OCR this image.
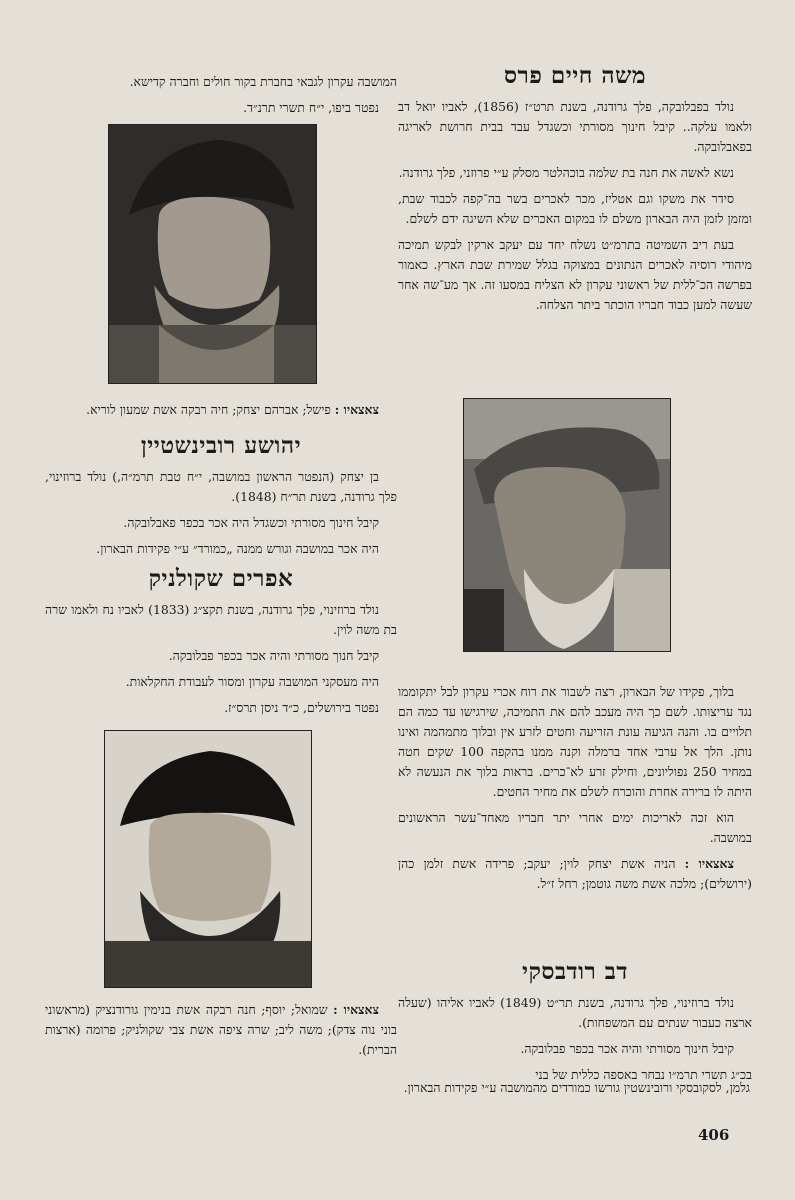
משה חיים פרס

נולד בפבלובקה, פלך גרודנה, בשנת תרט״ז (1856), לאביו יואל דב ולאמו עלקה.. קיבל חינוך מסורתי וכשגדל עבד בבית חרושת לאריגה בפאבלובקה.

נשא לאשה את חנה בת שלמה בוכהלטר מסלק ע״י פרוזני, פלך גרודנה.

סידר את משקו וגם אטליז, מכר לאכרים בשר בה־קפה לכבוד שבת, ומזמן לזמן היה הבארון משלם לו במקום האכרים שלא השיגה ידם לשלם.

בעת ריב השמיטה בתרמ״ט נשלח יחד עם יעקב ארקין לבקש תמיכה מיהודי רוסיה לאכרים הנתונים במצוקה בגלל שמירת שבת הארץ. כאמור בפרשה הכ־ללית של ראשוני עקרון לא הצליח במסעו זה. אך מע־שה אחר שעשה למען כבוד חבריו הוכתר ביתר הצלחה.

בלוך, פקידו של הבארון, רצה לשבור את רוח אכרי עקרון לבל יתקוממו נגד עריצותו. לשם כך היה מעכב להם את התמיכה, שירגישו עד כמה הם תלויים בו. והנה הגיעה עונת הזריעה וחטים לזרע אין ובלוך מתמהמה ואינו נותן. הלך אל ערבי אחד ברמלה וקנה ממנו בהקפה 100 שקים חטה במחיר 250 נפוליונים, וחילק זרע לא־כרים. בראות בלוך את הנעשה לא היתה לו ברירה אחרת והוכרח לשלם את מחיר החטים.

הוא זכה לאריכות ימים אחרי יתר חבריו מאחד־עשר הראשונים במושבה.

צאצאיו : הניה אשת יצחק לוין; יעקב; פרידה אשת זלמן כהן (ירושלים); מלכה אשת משה גוטמן; רחל ז״ל.

דב רודבסקי

נולד ברוזינוי, פלך גרודנה, בשנת תר״ט (1849) לאביו אליהו (שעלה ארצה כעבור שנתים עם המשפחות).

קיבל חינוך מסורתי והיה אכר בכפר פבלובקה.

בכ״ג תשרי תרמ״ו נבחר באספה כללית של בני

המושבה עקרון לגבאי בחברת בקור חולים וחברה קדישא.

נפטר ביפו, י״ח תשרי תרנ״ד.

צאצאיו : פישל; אברהם יצחק; חיה רבקה אשת שמעון לוריא.

יהושע רובינשטיין

בן יצחק (הנפטר הראשון במושבה, י״ח טבת תרמ״ה,) נולד ברוזינוי, פלך גרודנה, בשנת תר״ח (1848).

קיבל חינוך מסורתי וכשגדל היה אכר בכפר פאבלובקה.

היה אכר במושבה וגורש ממנה „כמורד״ ע״י פקידות הבארון.

אפרים שקולניק

נולד ברוזינוי, פלך גרודנה, בשנת תקצ״ג (1833) לאביו נח ולאמו שרה בת משה לוין.

קיבל חנוך מסורתי והיה אכר בכפר פבלובקה.

היה מעסקני המושבה עקרון ומסור לעבודת החקלאות.

נפטר בירושלים, כ״ד ניסן תרס״ז.

צאצאיו : שמואל; יוסף; חנה רבקה אשת בנימין גורודנציק (מראשוני בוני נוה צדק); משה ליב; שרה ציפה אשת צבי שקולניק; פרומה (ארצות הברית).

גלמן, לסקובסקי ורובינשטין גורשו כמורדים מהמושבה ע״י פקידות הבארון.
406
